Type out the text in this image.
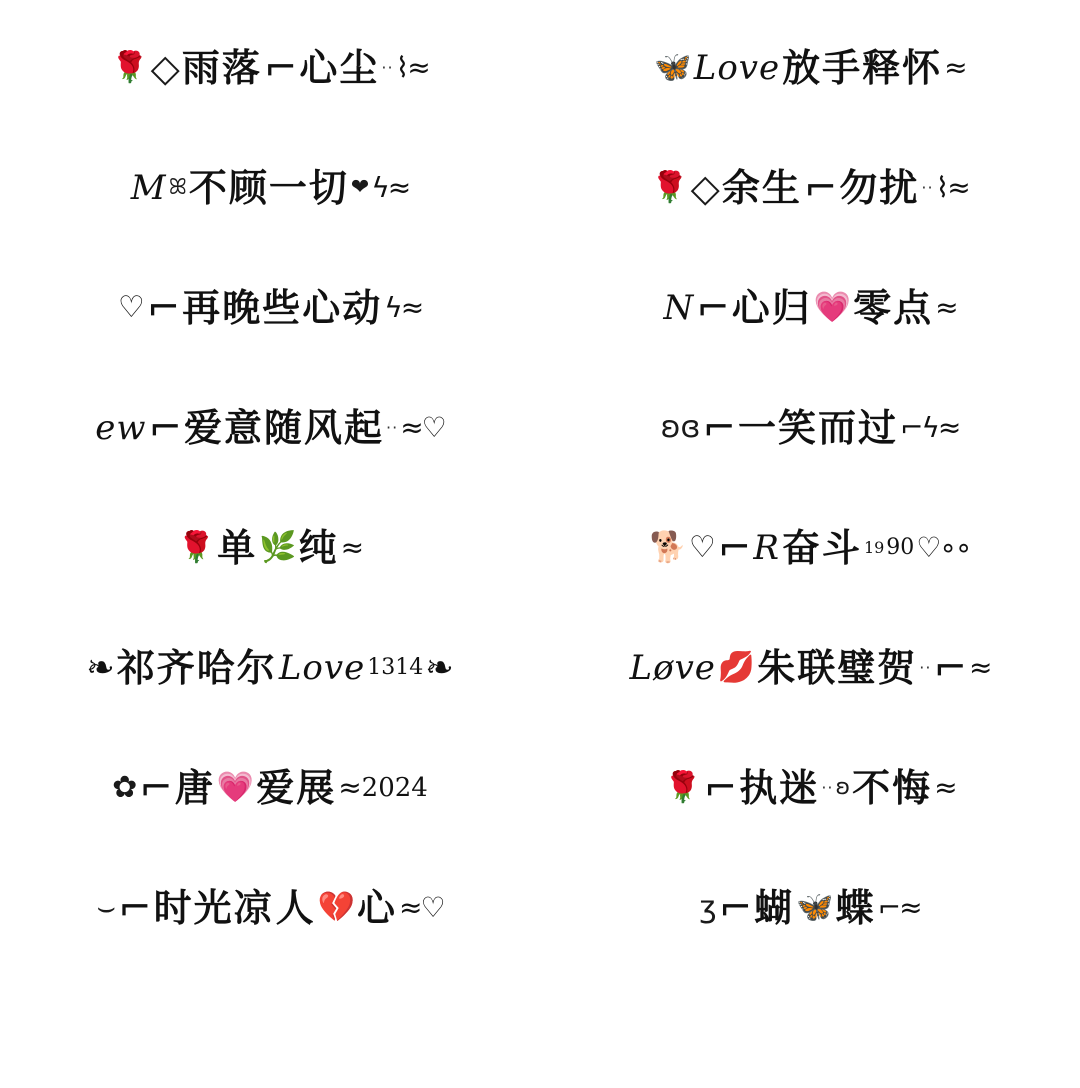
🌹 ◇ 雨落 ⌐ 心尘 ·· ⌇≈	🦋 Love 放手释怀 ≈
M ꕤ 不顾一切 ❤ ϟ≈	🌹 ◇ 余生 ⌐ 勿扰 ·· ⌇≈
♡ ⌐ 再晚些心动 ϟ≈	N ⌐ 心归 💗 零点 ≈
ew ⌐ 爱意随风起 ·· ≈♡	ʚɞ ⌐ 一笑而过 ⌐ϟ≈
🌹 单 🌿 纯 ≈	🐕 ♡ ⌐ R 奋斗 19 90 ♡∘∘
❧ 祁齐哈尔 Love 1314 ❧	Løve 💋 朱联璧贺 ·· ⌐ ≈
✿ ⌐ 唐 💗 爱展 ≈ 2024	🌹 ⌐ 执迷 ·· ʚ 不悔 ≈
⌣ ⌐ 时光凉 人 💔 心 ≈♡	ʒ ⌐ 蝴 🦋 蝶 ⌐≈
